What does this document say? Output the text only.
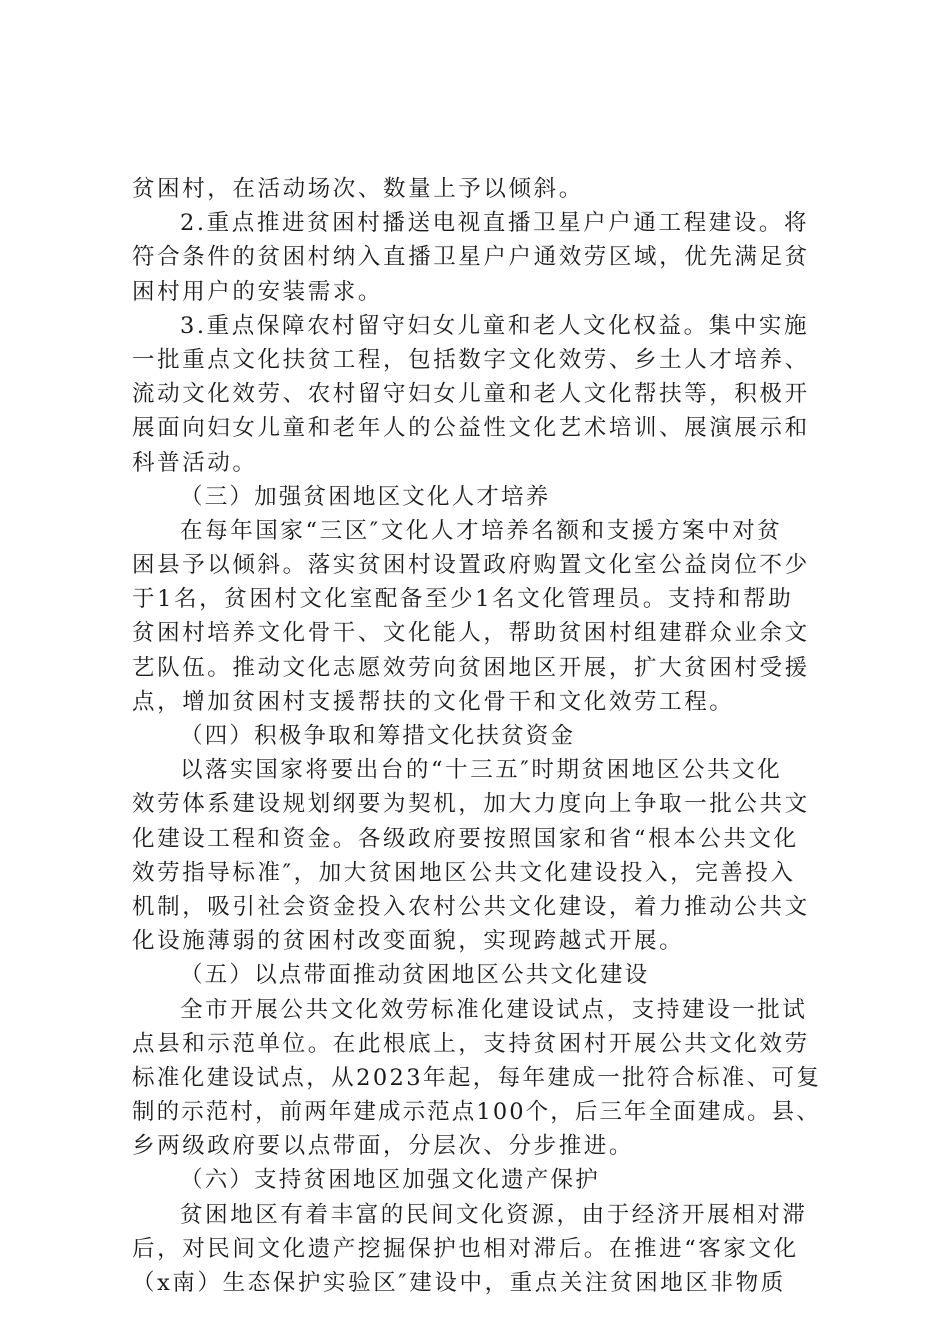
贫困村，在活动场次、数量上予以倾斜。
2.重点推进贫困村播送电视直播卫星户户通工程建设。将
符合条件的贫困村纳入直播卫星户户通效劳区域，优先满足贫
困村用户的安装需求。
3.重点保障农村留守妇女儿童和老人文化权益。集中实施
一批重点文化扶贫工程，包括数字文化效劳、乡土人才培养、
流动文化效劳、农村留守妇女儿童和老人文化帮扶等，积极开
展面向妇女儿童和老年人的公益性文化艺术培训、展演展示和
科普活动。
（三）加强贫困地区文化人才培养
在每年国家“三区″文化人才培养名额和支援方案中对贫
困县予以倾斜。落实贫困村设置政府购置文化室公益岗位不少
于1名，贫困村文化室配备至少1名文化管理员。支持和帮助
贫困村培养文化骨干、文化能人，帮助贫困村组建群众业余文
艺队伍。推动文化志愿效劳向贫困地区开展，扩大贫困村受援
点，增加贫困村支援帮扶的文化骨干和文化效劳工程。
（四）积极争取和筹措文化扶贫资金
以落实国家将要出台的“十三五″时期贫困地区公共文化
效劳体系建设规划纲要为契机，加大力度向上争取一批公共文
化建设工程和资金。各级政府要按照国家和省“根本公共文化
效劳指导标准″，加大贫困地区公共文化建设投入，完善投入
机制，吸引社会资金投入农村公共文化建设，着力推动公共文
化设施薄弱的贫困村改变面貌，实现跨越式开展。
（五）以点带面推动贫困地区公共文化建设
全市开展公共文化效劳标准化建设试点，支持建设一批试
点县和示范单位。在此根底上，支持贫困村开展公共文化效劳
标准化建设试点，从2023年起，每年建成一批符合标准、可复
制的示范村，前两年建成示范点100个，后三年全面建成。县、
乡两级政府要以点带面，分层次、分步推进。
（六）支持贫困地区加强文化遗产保护
贫困地区有着丰富的民间文化资源，由于经济开展相对滞
后，对民间文化遗产挖掘保护也相对滞后。在推进“客家文化
（x南）生态保护实验区″建设中，重点关注贫困地区非物质
